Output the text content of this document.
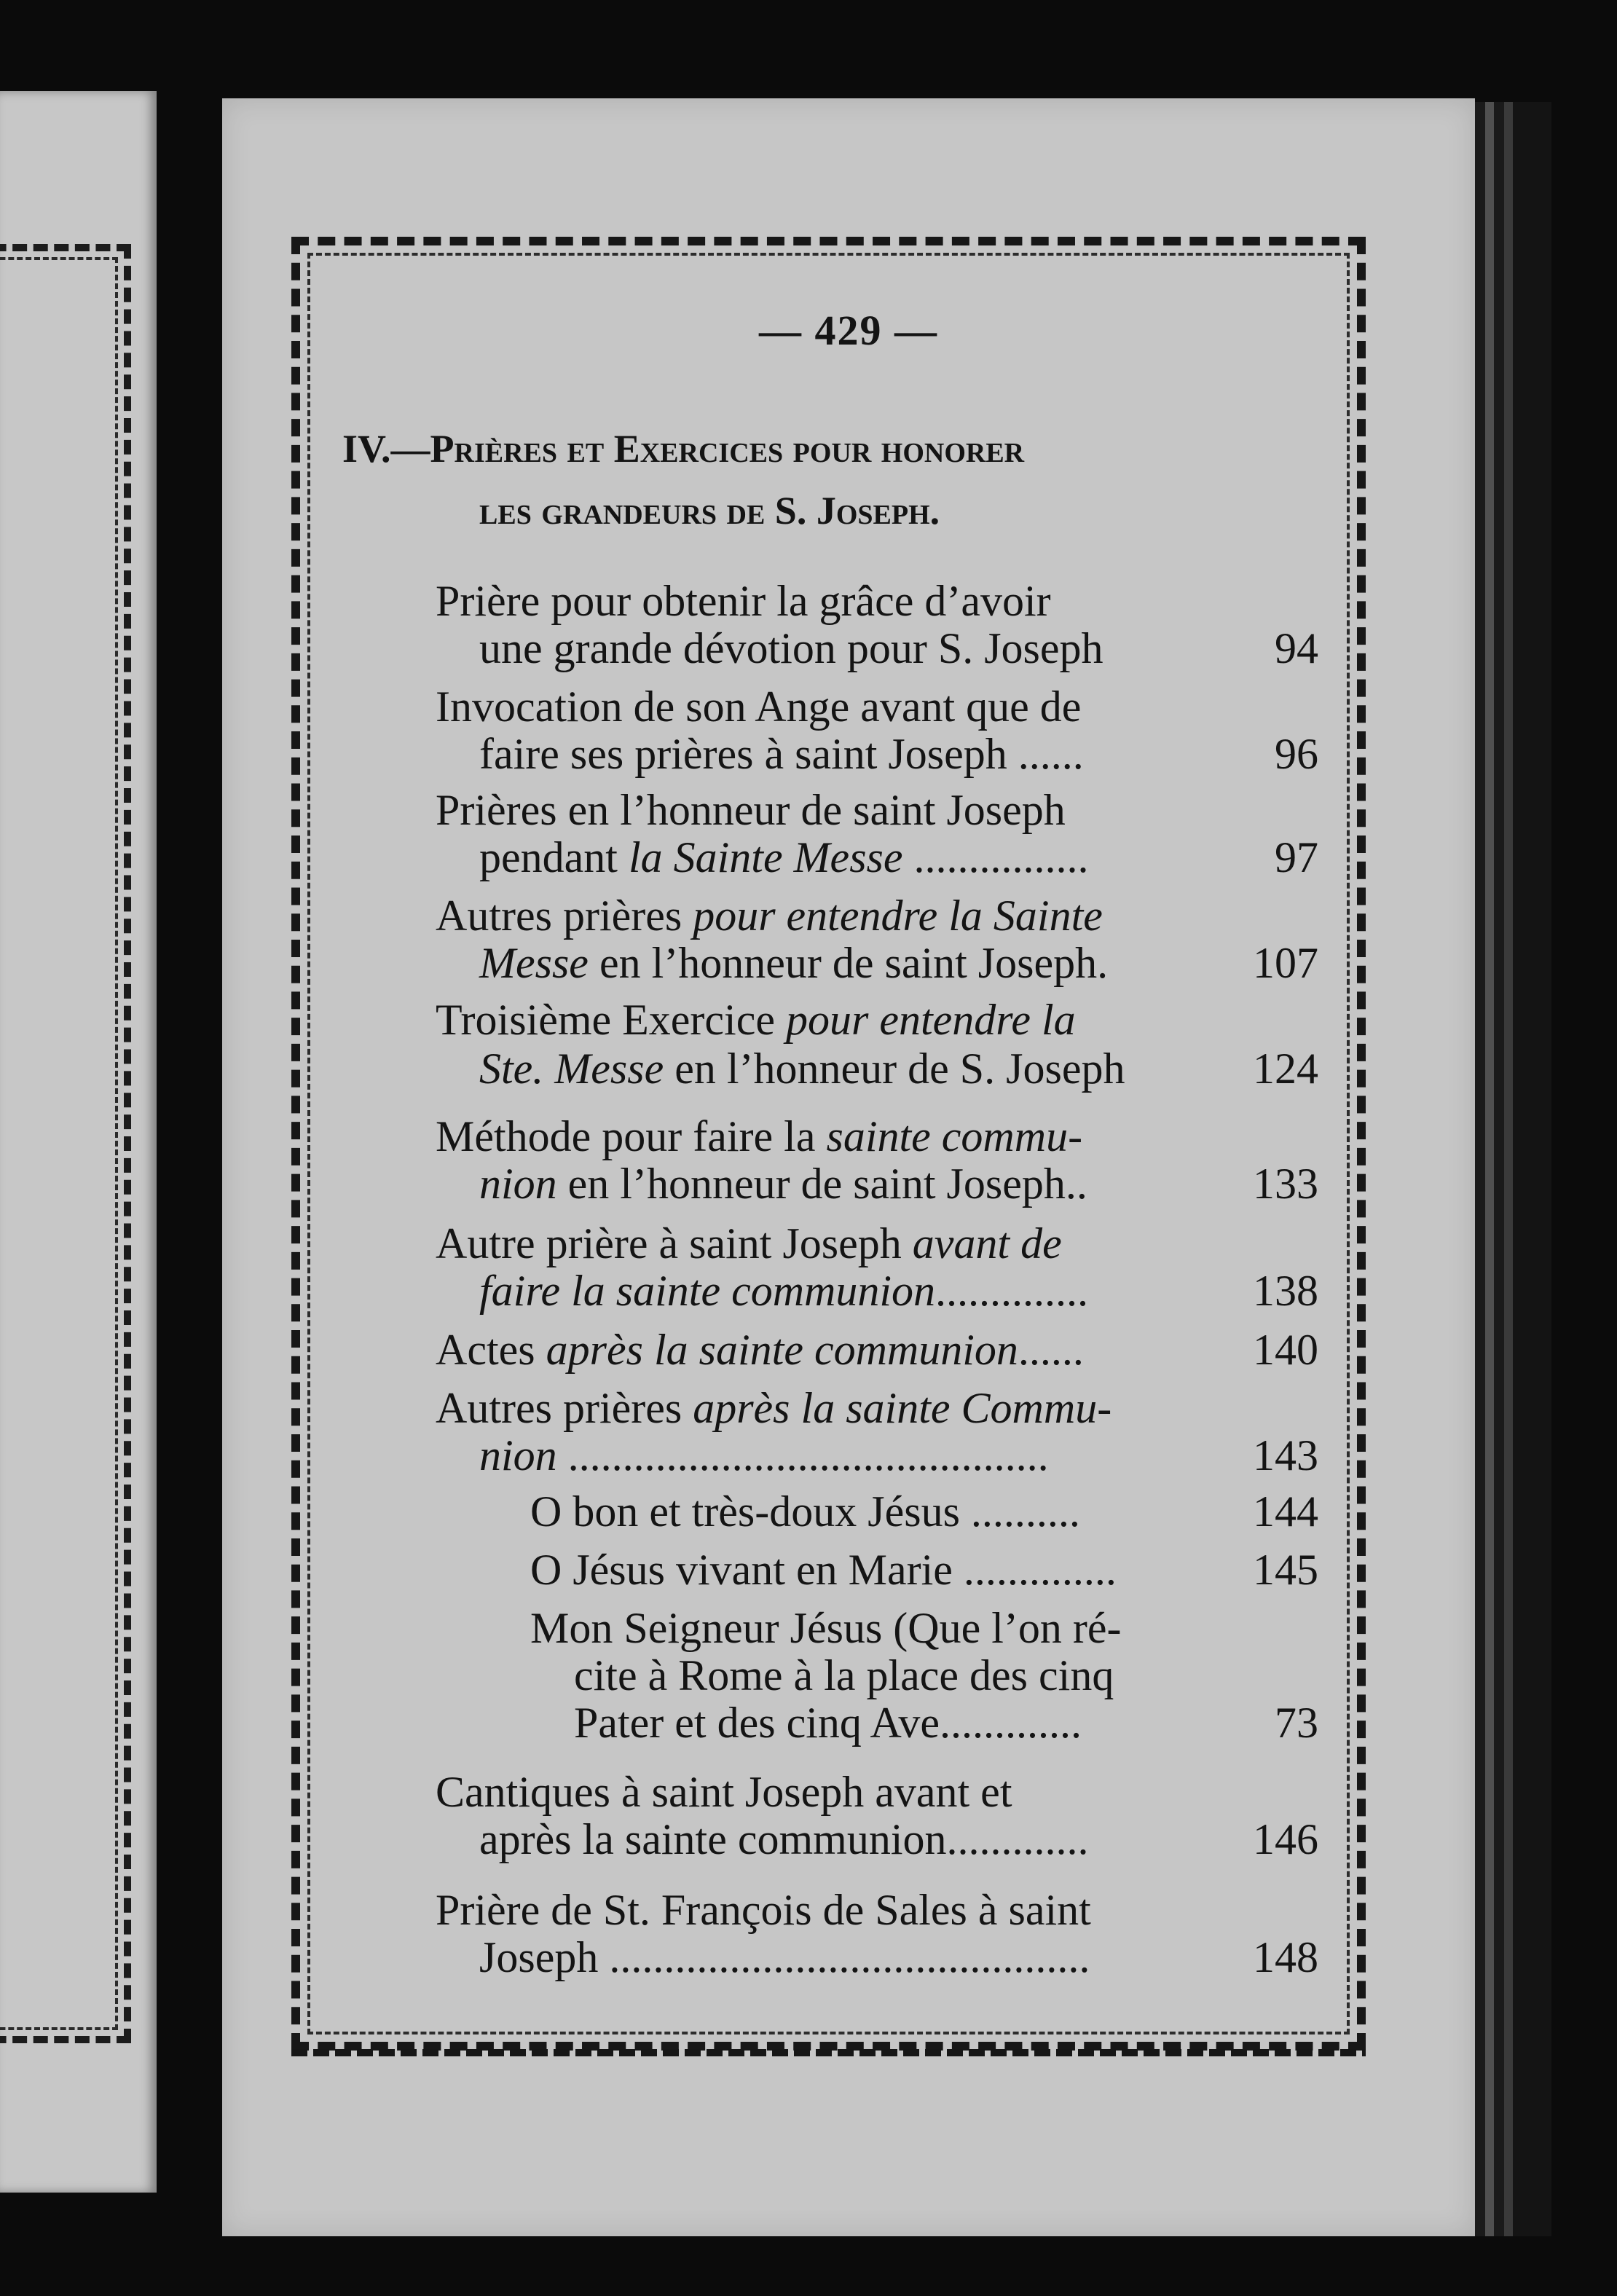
— 429 —
IV.—Prières et Exercices pour honorer
les grandeurs de S. Joseph.
Prière pour obtenir la grâce d’avoir
une grande dévotion pour S. Joseph	94
Invocation de son Ange avant que de
faire ses prières à saint Joseph ......	96
Prières en l’honneur de saint Joseph
pendant la Sainte Messe ................	97
Autres prières pour entendre la Sainte
Messe en l’honneur de saint Joseph.	107
Troisième Exercice pour entendre la
Ste. Messe en l’honneur de S. Joseph	124
Méthode pour faire la sainte commu-
nion en l’honneur de saint Joseph..	133
Autre prière à saint Joseph avant de
faire la sainte communion..............	138
Actes après la sainte communion......	140
Autres prières après la sainte Commu-
nion ............................................	143
O bon et très-doux Jésus ..........	144
O Jésus vivant en Marie ..............	145
Mon Seigneur Jésus (Que l’on ré-
cite à Rome à la place des cinq
Pater et des cinq Ave.............	73
Cantiques à saint Joseph avant et
après la sainte communion.............	146
Prière de St. François de Sales à saint
Joseph ............................................	148
